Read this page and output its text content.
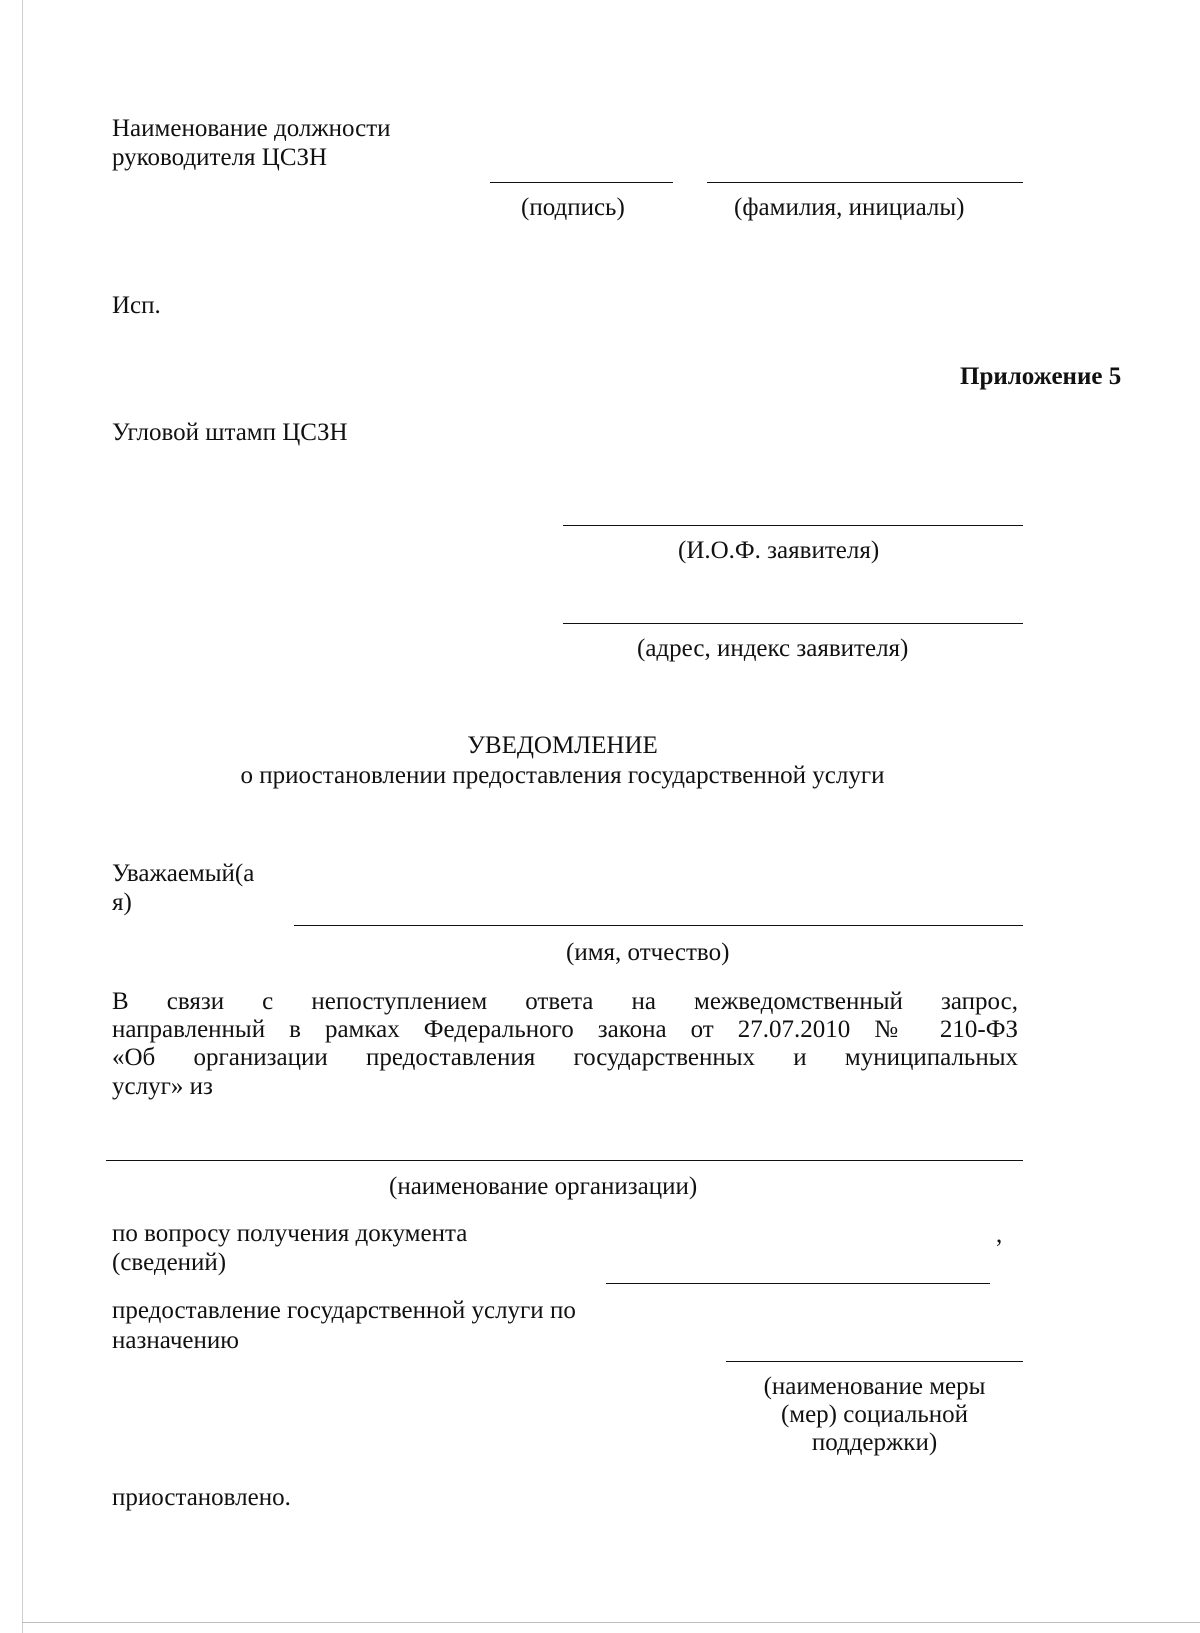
Наименование должности
руководителя ЦСЗН
(подпись)	(фамилия, инициалы)
Исп.
Приложение 5
Угловой штамп ЦСЗН
(И.О.Ф. заявителя)
(адрес, индекс заявителя)
УВЕДОМЛЕНИЕ
о приостановлении предоставления государственной услуги
Уважаемый(а
я)
(имя, отчество)
В связи с непоступлением ответа на межведомственный запрос,
направленный в рамках Федерального закона от 27.07.2010 № 210-ФЗ
«Об организации предоставления государственных и муниципальных
услуг» из
(наименование организации)
по вопросу получения документа
(сведений)
,
предоставление государственной услуги по
назначению
(наименование меры
(мер) социальной
поддержки)
приостановлено.
